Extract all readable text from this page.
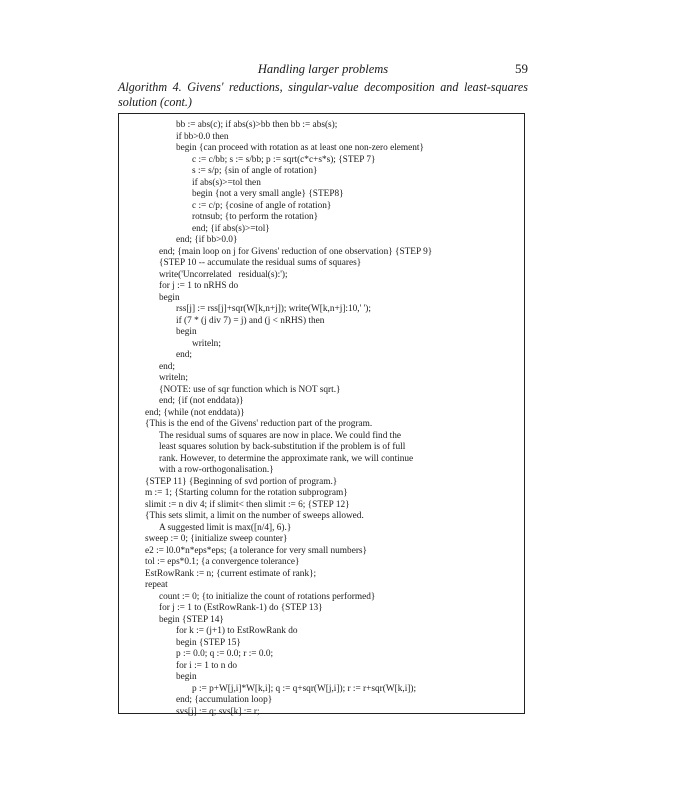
Handling larger problems	59
Algorithm 4. Givens' reductions, singular-value decomposition and least-squares solution (cont.)
bb := abs(c); if abs(s)>bb then bb := abs(s);
if bb>0.0 then
begin {can proceed with rotation as at least one non-zero element}
c := c/bb; s := s/bb; p := sqrt(c*c+s*s); {STEP 7}
s := s/p; {sin of angle of rotation}
if abs(s)>=tol then
begin {not a very small angle} {STEP8}
c := c/p; {cosine of angle of rotation}
rotnsub; {to perform the rotation}
end; {if abs(s)>=tol}
end; {if bb>0.0}
end; {main loop on j for Givens' reduction of one observation} {STEP 9}
{STEP 10 -- accumulate the residual sums of squares}
write('Uncorrelated   residual(s):');
for j := 1 to nRHS do
begin
rss[j] := rss[j]+sqr(W[k,n+j]); write(W[k,n+j]:10,' ');
if (7 * (j div 7) = j) and (j < nRHS) then
begin
writeln;
end;
end;
writeln;
{NOTE: use of sqr function which is NOT sqrt.}
end; {if (not enddata)}
end; {while (not enddata)}
{This is the end of the Givens' reduction part of the program.
The residual sums of squares are now in place. We could find the
least squares solution by back-substitution if the problem is of full
rank. However, to determine the approximate rank, we will continue
with a row-orthogonalisation.}
{STEP 11} {Beginning of svd portion of program.}
m := 1; {Starting column for the rotation subprogram}
slimit := n div 4; if slimit< then slimit := 6; {STEP 12}
{This sets slimit, a limit on the number of sweeps allowed.
A suggested limit is max([n/4], 6).}
sweep := 0; {initialize sweep counter}
e2 := l0.0*n*eps*eps; {a tolerance for very small numbers}
tol := eps*0.1; {a convergence tolerance}
EstRowRank := n; {current estimate of rank};
repeat
count := 0; {to initialize the count of rotations performed}
for j := 1 to (EstRowRank-1) do {STEP 13}
begin {STEP 14}
for k := (j+1) to EstRowRank do
begin {STEP 15}
p := 0.0; q := 0.0; r := 0.0;
for i := 1 to n do
begin
p := p+W[j,i]*W[k,i]; q := q+sqr(W[j,i]); r := r+sqr(W[k,i]);
end; {accumulation loop}
svs[j] := q; svs[k] := r;
